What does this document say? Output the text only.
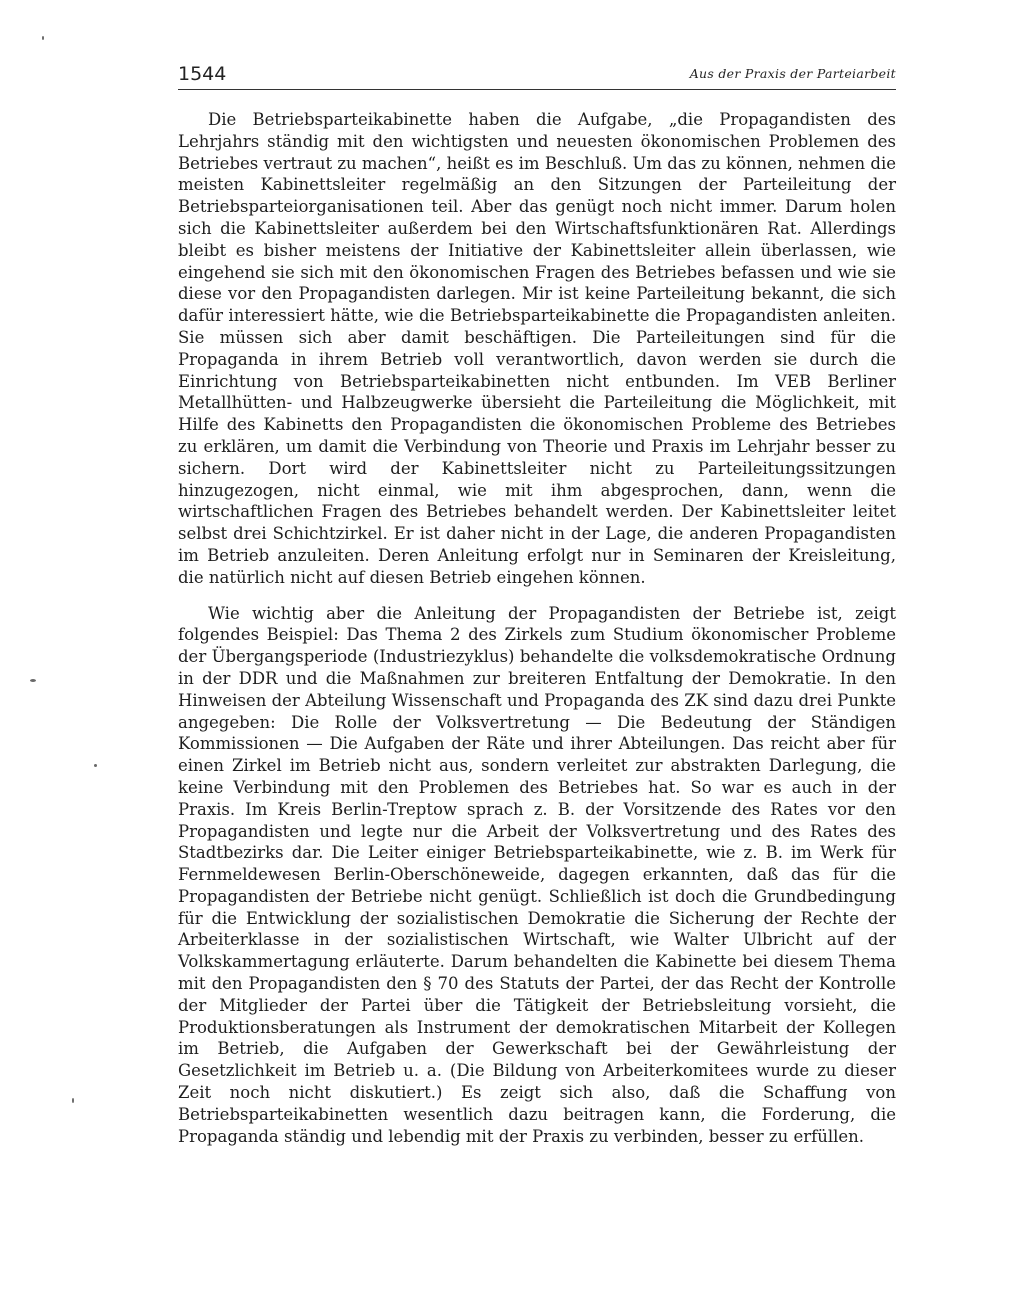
1544	Aus der Praxis der Parteiarbeit

Die Betriebsparteikabinette haben die Aufgabe, „die Propagandisten des Lehrjahrs ständig mit den wichtigsten und neuesten ökonomischen Problemen des Betriebes vertraut zu machen“, heißt es im Beschluß. Um das zu können, nehmen die meisten Kabinettsleiter regelmäßig an den Sitzungen der Parteileitung der Betriebsparteiorganisationen teil. Aber das genügt noch nicht immer. Darum holen sich die Kabinettsleiter außerdem bei den Wirtschaftsfunktionären Rat. Allerdings bleibt es bisher meistens der Initiative der Kabinettsleiter allein überlassen, wie eingehend sie sich mit den ökonomischen Fragen des Betriebes befassen und wie sie diese vor den Propagandisten darlegen. Mir ist keine Parteileitung bekannt, die sich dafür interessiert hätte, wie die Betriebsparteikabinette die Propagandisten anleiten. Sie müssen sich aber damit beschäftigen. Die Parteileitungen sind für die Propaganda in ihrem Betrieb voll verantwortlich, davon werden sie durch die Einrichtung von Betriebsparteikabinetten nicht entbunden. Im VEB Berliner Metallhütten- und Halbzeugwerke übersieht die Parteileitung die Möglichkeit, mit Hilfe des Kabinetts den Propagandisten die ökonomischen Probleme des Betriebes zu erklären, um damit die Verbindung von Theorie und Praxis im Lehrjahr besser zu sichern. Dort wird der Kabinettsleiter nicht zu Parteileitungssitzungen hinzugezogen, nicht einmal, wie mit ihm abgesprochen, dann, wenn die wirtschaftlichen Fragen des Betriebes behandelt werden. Der Kabinettsleiter leitet selbst drei Schichtzirkel. Er ist daher nicht in der Lage, die anderen Propagandisten im Betrieb anzuleiten. Deren Anleitung erfolgt nur in Seminaren der Kreisleitung, die natürlich nicht auf diesen Betrieb eingehen können.

Wie wichtig aber die Anleitung der Propagandisten der Betriebe ist, zeigt folgendes Beispiel: Das Thema 2 des Zirkels zum Studium ökonomischer Probleme der Übergangsperiode (Industriezyklus) behandelte die volksdemokratische Ordnung in der DDR und die Maßnahmen zur breiteren Entfaltung der Demokratie. In den Hinweisen der Abteilung Wissenschaft und Propaganda des ZK sind dazu drei Punkte angegeben: Die Rolle der Volksvertretung — Die Bedeutung der Ständigen Kommissionen — Die Aufgaben der Räte und ihrer Abteilungen. Das reicht aber für einen Zirkel im Betrieb nicht aus, sondern verleitet zur abstrakten Darlegung, die keine Verbindung mit den Problemen des Betriebes hat. So war es auch in der Praxis. Im Kreis Berlin-Treptow sprach z. B. der Vorsitzende des Rates vor den Propagandisten und legte nur die Arbeit der Volksvertretung und des Rates des Stadtbezirks dar. Die Leiter einiger Betriebsparteikabinette, wie z. B. im Werk für Fernmeldewesen Berlin-Oberschöneweide, dagegen erkannten, daß das für die Propagandisten der Betriebe nicht genügt. Schließlich ist doch die Grundbedingung für die Entwicklung der sozialistischen Demokratie die Sicherung der Rechte der Arbeiterklasse in der sozialistischen Wirtschaft, wie Walter Ulbricht auf der Volkskammertagung erläuterte. Darum behandelten die Kabinette bei diesem Thema mit den Propagandisten den § 70 des Statuts der Partei, der das Recht der Kontrolle der Mitglieder der Partei über die Tätigkeit der Betriebsleitung vorsieht, die Produktionsberatungen als Instrument der demokratischen Mitarbeit der Kollegen im Betrieb, die Aufgaben der Gewerkschaft bei der Gewährleistung der Gesetzlichkeit im Betrieb u. a. (Die Bildung von Arbeiterkomitees wurde zu dieser Zeit noch nicht diskutiert.) Es zeigt sich also, daß die Schaffung von Betriebsparteikabinetten wesentlich dazu beitragen kann, die Forderung, die Propaganda ständig und lebendig mit der Praxis zu verbinden, besser zu erfüllen.
